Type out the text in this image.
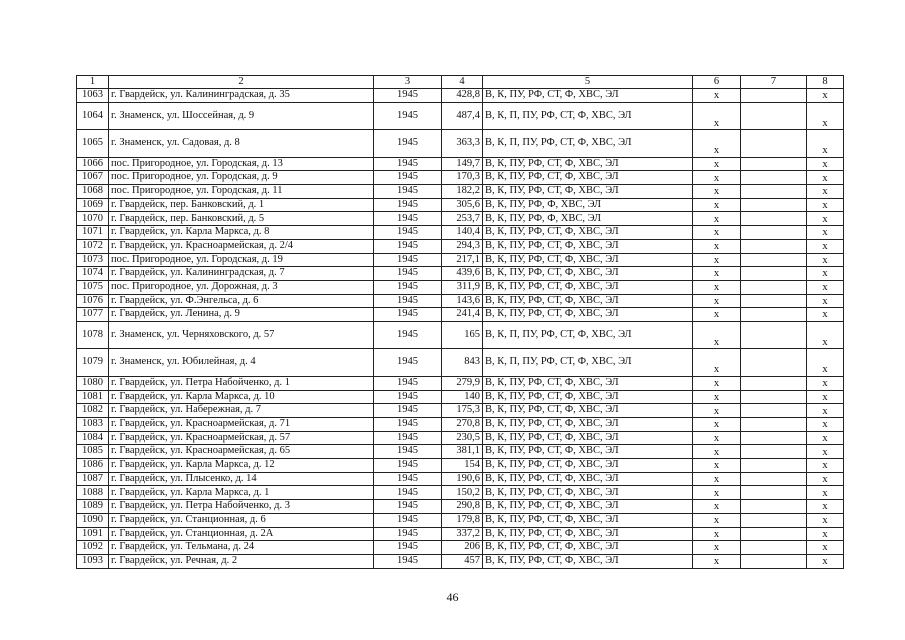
1	2	3	4	5	6	7	8
1063	г. Гвардейск, ул. Калининградская, д. 35	1945	428,8	В, К, ПУ, РФ, СТ, Ф, ХВС, ЭЛ	х		х
1064	г. Знаменск, ул. Шоссейная, д. 9	1945	487,4	В, К, П, ПУ, РФ, СТ, Ф, ХВС, ЭЛ	х		х
1065	г. Знаменск, ул. Садовая, д. 8	1945	363,3	В, К, П, ПУ, РФ, СТ, Ф, ХВС, ЭЛ	х		х
1066	пос. Пригородное, ул. Городская, д. 13	1945	149,7	В, К, ПУ, РФ, СТ, Ф, ХВС, ЭЛ	х		х
1067	пос. Пригородное, ул. Городская, д. 9	1945	170,3	В, К, ПУ, РФ, СТ, Ф, ХВС, ЭЛ	х		х
1068	пос. Пригородное, ул. Городская, д. 11	1945	182,2	В, К, ПУ, РФ, СТ, Ф, ХВС, ЭЛ	х		х
1069	г. Гвардейск, пер. Банковский, д. 1	1945	305,6	В, К, ПУ, РФ, Ф, ХВС, ЭЛ	х		х
1070	г. Гвардейск, пер. Банковский, д. 5	1945	253,7	В, К, ПУ, РФ, Ф, ХВС, ЭЛ	х		х
1071	г. Гвардейск, ул. Карла Маркса, д. 8	1945	140,4	В, К, ПУ, РФ, СТ, Ф, ХВС, ЭЛ	х		х
1072	г. Гвардейск, ул. Красноармейская, д. 2/4	1945	294,3	В, К, ПУ, РФ, СТ, Ф, ХВС, ЭЛ	х		х
1073	пос. Пригородное, ул. Городская, д. 19	1945	217,1	В, К, ПУ, РФ, СТ, Ф, ХВС, ЭЛ	х		х
1074	г. Гвардейск, ул. Калининградская, д. 7	1945	439,6	В, К, ПУ, РФ, СТ, Ф, ХВС, ЭЛ	х		х
1075	пос. Пригородное, ул. Дорожная, д. 3	1945	311,9	В, К, ПУ, РФ, СТ, Ф, ХВС, ЭЛ	х		х
1076	г. Гвардейск, ул. Ф.Энгельса, д. 6	1945	143,6	В, К, ПУ, РФ, СТ, Ф, ХВС, ЭЛ	х		х
1077	г. Гвардейск, ул. Ленина, д. 9	1945	241,4	В, К, ПУ, РФ, СТ, Ф, ХВС, ЭЛ	х		х
1078	г. Знаменск, ул. Черняховского, д. 57	1945	165	В, К, П, ПУ, РФ, СТ, Ф, ХВС, ЭЛ	х		х
1079	г. Знаменск, ул. Юбилейная, д. 4	1945	843	В, К, П, ПУ, РФ, СТ, Ф, ХВС, ЭЛ	х		х
1080	г. Гвардейск, ул. Петра Набойченко, д. 1	1945	279,9	В, К, ПУ, РФ, СТ, Ф, ХВС, ЭЛ	х		х
1081	г. Гвардейск, ул. Карла Маркса, д. 10	1945	140	В, К, ПУ, РФ, СТ, Ф, ХВС, ЭЛ	х		х
1082	г. Гвардейск, ул. Набережная, д. 7	1945	175,3	В, К, ПУ, РФ, СТ, Ф, ХВС, ЭЛ	х		х
1083	г. Гвардейск, ул. Красноармейская, д. 71	1945	270,8	В, К, ПУ, РФ, СТ, Ф, ХВС, ЭЛ	х		х
1084	г. Гвардейск, ул. Красноармейская, д. 57	1945	230,5	В, К, ПУ, РФ, СТ, Ф, ХВС, ЭЛ	х		х
1085	г. Гвардейск, ул. Красноармейская, д. 65	1945	381,1	В, К, ПУ, РФ, СТ, Ф, ХВС, ЭЛ	х		х
1086	г. Гвардейск, ул. Карла Маркса, д. 12	1945	154	В, К, ПУ, РФ, СТ, Ф, ХВС, ЭЛ	х		х
1087	г. Гвардейск, ул. Плысенко, д. 14	1945	190,6	В, К, ПУ, РФ, СТ, Ф, ХВС, ЭЛ	х		х
1088	г. Гвардейск, ул. Карла Маркса, д. 1	1945	150,2	В, К, ПУ, РФ, СТ, Ф, ХВС, ЭЛ	х		х
1089	г. Гвардейск, ул. Петра Набойченко, д. 3	1945	290,8	В, К, ПУ, РФ, СТ, Ф, ХВС, ЭЛ	х		х
1090	г. Гвардейск, ул. Станционная, д. 6	1945	179,8	В, К, ПУ, РФ, СТ, Ф, ХВС, ЭЛ	х		х
1091	г. Гвардейск, ул. Станционная, д. 2А	1945	337,2	В, К, ПУ, РФ, СТ, Ф, ХВС, ЭЛ	х		х
1092	г. Гвардейск, ул. Тельмана, д. 24	1945	206	В, К, ПУ, РФ, СТ, Ф, ХВС, ЭЛ	х		х
1093	г. Гвардейск, ул. Речная, д. 2	1945	457	В, К, ПУ, РФ, СТ, Ф, ХВС, ЭЛ	х		х
46
